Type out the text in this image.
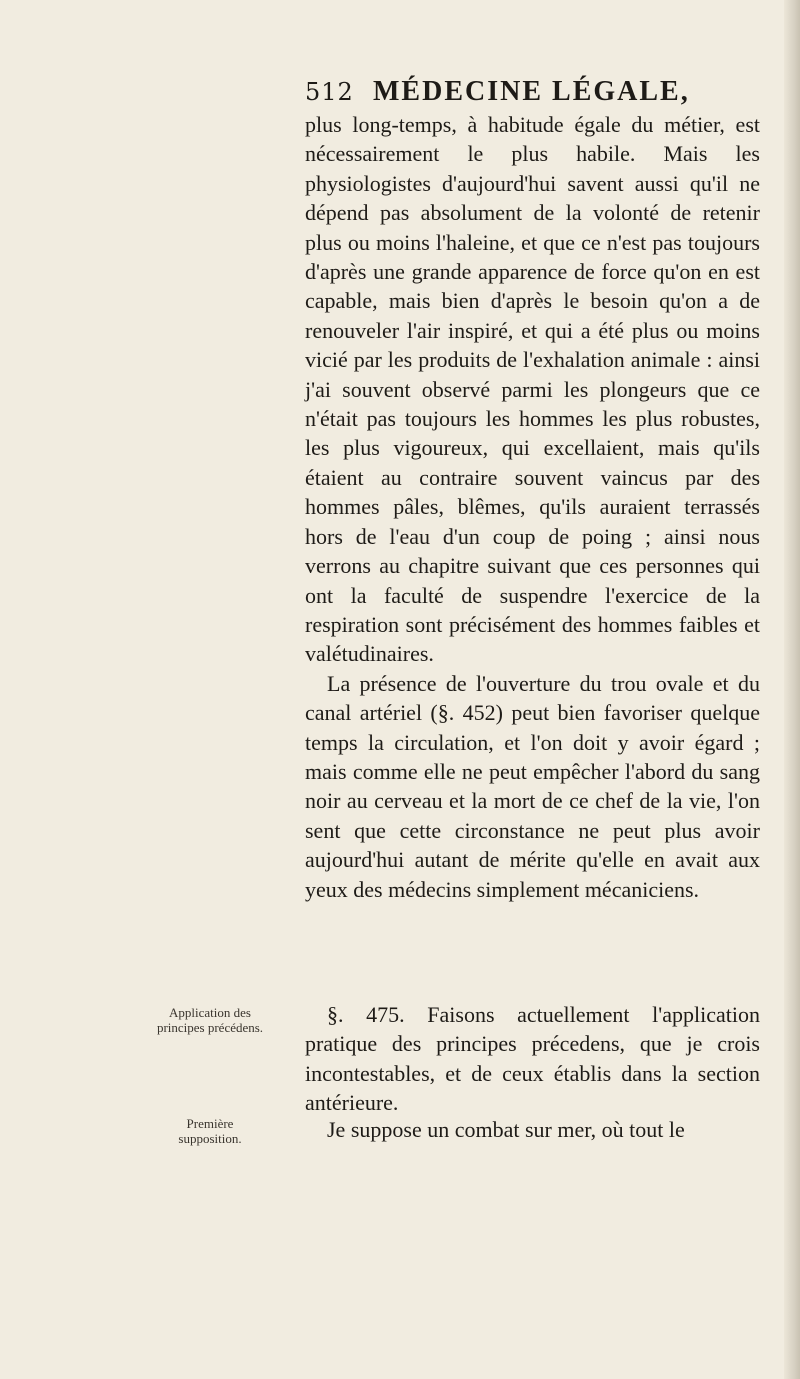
512 MÉDECINE LÉGALE,

plus long-temps, à habitude égale du métier, est nécessairement le plus habile. Mais les physiologistes d'aujourd'hui savent aussi qu'il ne dépend pas absolument de la volonté de retenir plus ou moins l'haleine, et que ce n'est pas toujours d'après une grande apparence de force qu'on en est capable, mais bien d'après le besoin qu'on a de renouveler l'air inspiré, et qui a été plus ou moins vicié par les produits de l'exhalation animale : ainsi j'ai souvent observé parmi les plongeurs que ce n'était pas toujours les hommes les plus robustes, les plus vigoureux, qui excellaient, mais qu'ils étaient au contraire souvent vaincus par des hommes pâles, blêmes, qu'ils auraient terrassés hors de l'eau d'un coup de poing ; ainsi nous verrons au chapitre suivant que ces personnes qui ont la faculté de suspendre l'exercice de la respiration sont précisément des hommes faibles et valétudinaires.

La présence de l'ouverture du trou ovale et du canal artériel (§. 452) peut bien favoriser quelque temps la circulation, et l'on doit y avoir égard ; mais comme elle ne peut empêcher l'abord du sang noir au cerveau et la mort de ce chef de la vie, l'on sent que cette circonstance ne peut plus avoir aujourd'hui autant de mérite qu'elle en avait aux yeux des médecins simplement mécaniciens.

Application des principes précédens.

§. 475. Faisons actuellement l'application pratique des principes précedens, que je crois incontestables, et de ceux établis dans la section antérieure.

Première supposition.	Je suppose un combat sur mer, où tout le
